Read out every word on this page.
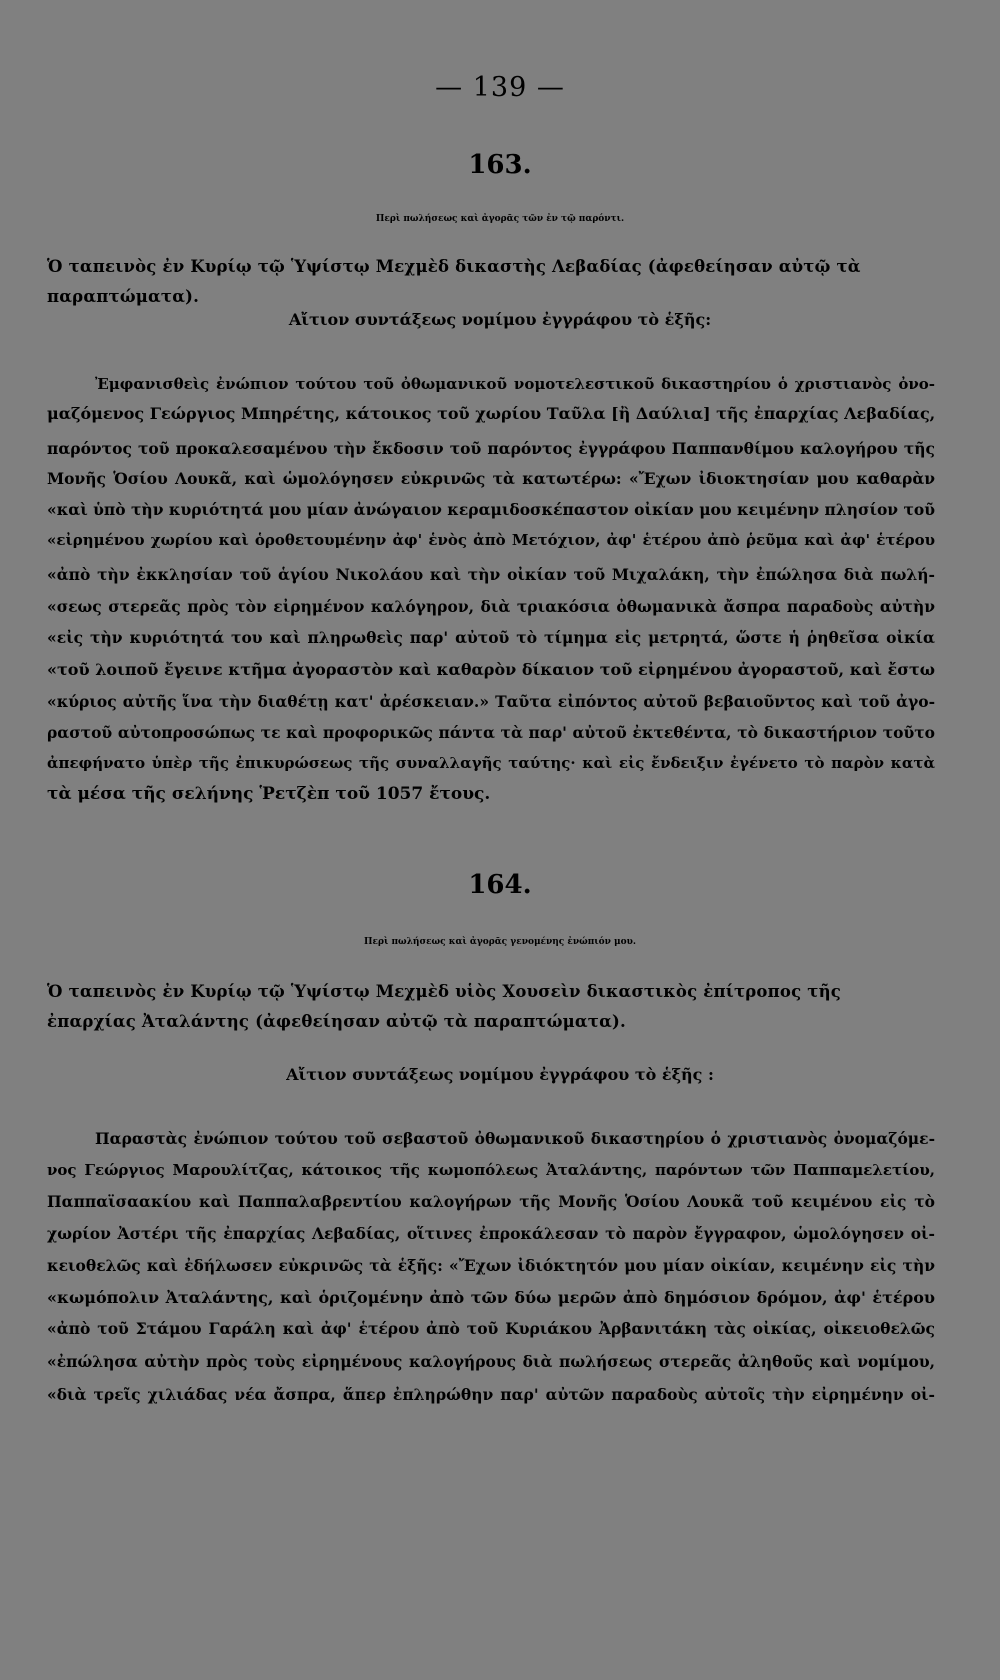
— 139 —
163.
Περὶ πωλήσεως καὶ ἀγορᾶς τῶν ἐν τῷ παρόντι.
Ὁ ταπεινὸς ἐν Κυρίῳ τῷ Ὑψίστῳ Μεχμὲδ δικαστὴς Λεβαδίας (ἀφεθείησαν αὐτῷ τὰ παραπτώματα).
Αἴτιον συντάξεως νομίμου ἐγγράφου τὸ ἑξῆς:
Ἐμφανισθεὶς ἐνώπιον τούτου τοῦ ὀθωμανικοῦ νομοτελεστικοῦ δικαστηρίου ὁ χριστιανὸς ὀνο-
μαζόμενος Γεώργιος Μπηρέτης, κάτοικος τοῦ χωρίου Ταῦλα [ἢ Δαύλια] τῆς ἐπαρχίας Λεβαδίας,
παρόντος τοῦ προκαλεσαμένου τὴν ἔκδοσιν τοῦ παρόντος ἐγγράφου Παππανθίμου καλογήρου τῆς
Μονῆς Ὁσίου Λουκᾶ, καὶ ὡμολόγησεν εὐκρινῶς τὰ κατωτέρω: «Ἔχων ἰδιοκτησίαν μου καθαρὰν
«καὶ ὑπὸ τὴν κυριότητά μου μίαν ἀνώγαιον κεραμιδοσκέπαστον οἰκίαν μου κειμένην πλησίον τοῦ
«εἰρημένου χωρίου καὶ ὁροθετουμένην ἀφ' ἑνὸς ἀπὸ Μετόχιον, ἀφ' ἑτέρου ἀπὸ ῥεῦμα καὶ ἀφ' ἑτέρου
«ἀπὸ τὴν ἐκκλησίαν τοῦ ἁγίου Νικολάου καὶ τὴν οἰκίαν τοῦ Μιχαλάκη, τὴν ἐπώλησα διὰ πωλή-
«σεως στερεᾶς πρὸς τὸν εἰρημένον καλόγηρον, διὰ τριακόσια ὀθωμανικὰ ἄσπρα παραδοὺς αὐτὴν
«εἰς τὴν κυριότητά του καὶ πληρωθεὶς παρ' αὐτοῦ τὸ τίμημα εἰς μετρητά, ὥστε ἡ ῥηθεῖσα οἰκία
«τοῦ λοιποῦ ἔγεινε κτῆμα ἀγοραστὸν καὶ καθαρὸν δίκαιον τοῦ εἰρημένου ἀγοραστοῦ, καὶ ἔστω
«κύριος αὐτῆς ἵνα τὴν διαθέτῃ κατ' ἀρέσκειαν.» Ταῦτα εἰπόντος αὐτοῦ βεβαιοῦντος καὶ τοῦ ἀγο-
ραστοῦ αὐτοπροσώπως τε καὶ προφορικῶς πάντα τὰ παρ' αὐτοῦ ἐκτεθέντα, τὸ δικαστήριον τοῦτο
ἀπεφήνατο ὑπὲρ τῆς ἐπικυρώσεως τῆς συναλλαγῆς ταύτης· καὶ εἰς ἔνδειξιν ἐγένετο τὸ παρὸν κατὰ
τὰ μέσα τῆς σελήνης Ῥετζὲπ τοῦ 1057 ἔτους.
164.
Περὶ πωλήσεως καὶ ἀγορᾶς γενομένης ἐνώπιόν μου.
Ὁ ταπεινὸς ἐν Κυρίῳ τῷ Ὑψίστῳ Μεχμὲδ υἱὸς Χουσεὶν δικαστικὸς ἐπίτροπος τῆς ἐπαρχίας Ἀταλάντης (ἀφεθείησαν αὐτῷ τὰ παραπτώματα).
Αἴτιον συντάξεως νομίμου ἐγγράφου τὸ ἑξῆς :
Παραστὰς ἐνώπιον τούτου τοῦ σεβαστοῦ ὀθωμανικοῦ δικαστηρίου ὁ χριστιανὸς ὀνομαζόμε-
νος Γεώργιος Μαρουλίτζας, κάτοικος τῆς κωμοπόλεως Ἀταλάντης, παρόντων τῶν Παππαμελετίου,
Παππαϊσαακίου καὶ Παππαλαβρεντίου καλογήρων τῆς Μονῆς Ὁσίου Λουκᾶ τοῦ κειμένου εἰς τὸ
χωρίον Ἀστέρι τῆς ἐπαρχίας Λεβαδίας, οἵτινες ἐπροκάλεσαν τὸ παρὸν ἔγγραφον, ὡμολόγησεν οἰ-
κειοθελῶς καὶ ἐδήλωσεν εὐκρινῶς τὰ ἑξῆς: «Ἔχων ἰδιόκτητόν μου μίαν οἰκίαν, κειμένην εἰς τὴν
«κωμόπολιν Ἀταλάντης, καὶ ὁριζομένην ἀπὸ τῶν δύω μερῶν ἀπὸ δημόσιον δρόμον, ἀφ' ἑτέρου
«ἀπὸ τοῦ Στάμου Γαράλη καὶ ἀφ' ἑτέρου ἀπὸ τοῦ Κυριάκου Ἀρβανιτάκη τὰς οἰκίας, οἰκειοθελῶς
«ἐπώλησα αὐτὴν πρὸς τοὺς εἰρημένους καλογήρους διὰ πωλήσεως στερεᾶς ἀληθοῦς καὶ νομίμου,
«διὰ τρεῖς χιλιάδας νέα ἄσπρα, ἅπερ ἐπληρώθην παρ' αὐτῶν παραδοὺς αὐτοῖς τὴν εἰρημένην οἰ-
